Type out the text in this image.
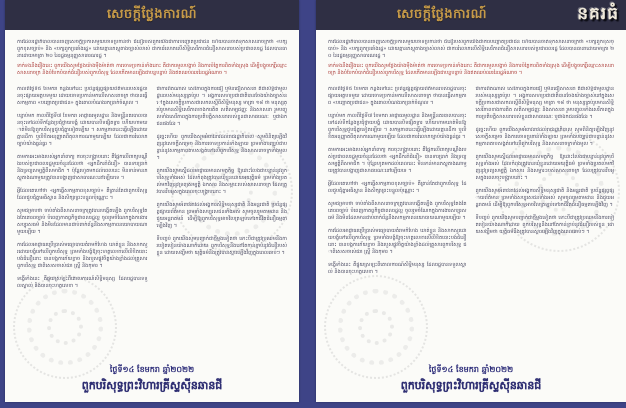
សេចក្តីថ្លែងការណ៍

ការដែលរដ្ឋាភិបាលបានចេញសេចក្តីប្រកាសមួយចោទប្រកាន់ថា ជំនឿរបស់ពួកយើងជាការបញ្ឆោតប្រជាជន ហើយបានចាត់ទុកសាសនាចក្រថា «បក្សពួកខុសច្បាប់» និង «បក្សពួកប្រឆាំងរដ្ឋ» ដោយគ្មានភស្តុតាងច្បាស់លាស់ ជាការរំលោភលើសិទ្ធិសេរីភាពជំនឿសាសនារបស់ប្រជាពលរដ្ឋ ដែលបានធានាដោយមាត្រា ២០ នៃរដ្ឋធម្មនុញ្ញសាធារណរដ្ឋ ។

ទាក់ទងនឹងរឿងនេះ ពួកយើងសូមថ្លែងយ៉ាងម៉ឺងម៉ាត់ថា ការចោទប្រកាន់ទាំងនោះ គឺជាការមួលបង្កាច់ និងការបំភ្លៃការពិតទាំងស្រុង ដើម្បីបង្ខូចកេរ្តិ៍ឈ្មោះសាសនាចក្រ និងបំបែកបំបាក់ជំនឿរបស់ពួកបរិសុទ្ធ ដែលកើតមានឡើងជាបន្តបន្ទាប់ និងឥតឈប់ឈរនៃរដ្ឋអំណាច ។

កាលពីថ្ងៃទី៥ ខែមករា កន្លងទៅនេះ ប្រព័ន្ធផ្សព្វផ្សាយព័ត៌មានរបស់រដ្ឋបានចុះផ្សាយអត្ថបទមួយ ដោយចោទប្រកាន់មកលើសាសនាចក្រ ថាបានធ្វើសកម្មភាព «បញ្ឆោតប្រជាជន» ក្នុងគោលបំណងរកប្រាក់ចំណូល ។

បន្ទាប់មក កាលពីថ្ងៃទី៧ ខែមករា អាជ្ញាធរមូលដ្ឋាន និងមន្ត្រីនគរបាលបានចុះទៅដល់ទីកន្លែងប្រជុំថ្វាយបង្គំ ដោយបានបិទផ្សិតទ្វារ ហើយហាមឃាត់មិនឱ្យពួកបរិសុទ្ធជួបជុំគ្នាទៀតឡើយ ។ សកម្មភាពនេះធ្វើឡើងដោយគ្មានដីកា ឬលិខិតអនុញ្ញាតពីតុលាការណាមួយឡើយ ដែលជាការរំលោភច្បាប់យ៉ាងធ្ងន់ធ្ងរ ។

តាមការអះអាងរបស់អ្នកនាំពាក្យ ការចុះបង្ក្រាបនោះ គឺផ្អែកលើពាក្យបណ្តឹងរបស់ប្រជាពលរដ្ឋមួយចំនួនដែលថា «អ្នកដឹកនាំជំនឿ» បានទារប្រាក់ និងទ្រព្យសម្បត្តិពីសមាជិក ។ ប៉ុន្តែរហូតមកដល់ពេលនេះ មិនទាន់មានភស្តុតាងណាមួយត្រូវបានបង្ហាញជាសាធារណៈនៅឡើយទេ ។

អ្វីដែលគេហៅថា «អ្នកធ្វើសកម្មភាពខុសច្បាប់» គឺគ្រាន់តែជាពួកបរិសុទ្ធ ដែលជួបជុំគ្នាអធិស្ឋាន និងសិក្សាព្រះបន្ទូលប៉ុណ្ណោះ ។

សូមជម្រាបថា ចាប់តាំងពីសាសនាចក្រត្រូវបានបង្កើតឡើង ពួកបរិសុទ្ធតែងតែគោរពច្បាប់ បំពេញកាតព្វកិច្ចជាពលរដ្ឋល្អ ចូលរួមចំណែកក្នុងការងារសប្បុរសធម៌ និងមិនដែលមានជាប់ពាក់ព័ន្ធនឹងសកម្មភាពនយោបាយណាមួយឡើយ ។

ការដែលអាជ្ញាធរប្រើប្រាស់មធ្យោបាយគំរាមកំហែង ឃាត់ខ្លួន និងសាកសួរដោយបង្ខំទៅលើពួកបរិសុទ្ធ ព្រមទាំងបង្ខំឱ្យចុះហត្ថលេខាលើលិខិតបោះបង់ជំនឿនោះ បានបង្កការភ័យខ្លាច និងរបួសផ្លូវចិត្តយ៉ាងខ្លាំងដល់គ្រួសារពួកបរិសុទ្ធ ជាពិសេសចាស់ជរា ស្ត្រី និងកុមារ ។

ទង្វើទាំងនេះ គឺផ្ទុយស្រឡះពីគោលការណ៍សិទ្ធិមនុស្ស ដែលរដ្ឋបានទទួលស្គាល់ និងបានចុះហត្ថលេខា ។

ជាការពិតណាស់ សេរីភាពក្នុងការជឿ ឬមិនជឿសាសនា គឺជាសិទ្ធិជាមូលដ្ឋានរបស់មនុស្សគ្រប់រូប ។ អង្គការសហប្រជាជាតិបានចែងយ៉ាងច្បាស់នៅក្នុងសេចក្តីប្រកាសជាសកលស្តីពីសិទ្ធិមនុស្ស មាត្រា ១៨ ថា មនុស្សគ្រប់រូបមានសិទ្ធិសេរីភាពខាងការគិត សតិសម្បជញ្ញៈ និងសាសនា រួមបញ្ចូលទាំងសេរីភាពក្នុងការប្រតិបត្តិសាសនារបស់ខ្លួនជាសាធារណៈ ឬជាឯកជនផងដែរ ។

ដូច្នេះហើយ ពួកយើងសូមអំពាវនាវដល់រាជរដ្ឋាភិបាល សូមពិនិត្យឡើងវិញនូវសេចក្តីសម្រេច និងការចោទប្រកាន់ទាំងឡាយ ព្រមទាំងបញ្ឈប់ជាបន្ទាន់នូវសកម្មភាពគាបសង្កត់ទៅលើពួកបរិសុទ្ធ និងសាសនាចក្រទាំងមូល ។

ពួកយើងសូមស្នើដល់អាជ្ញាធរមានសមត្ថកិច្ច ឱ្យដោះលែងជាបន្ទាន់នូវពួកបរិសុទ្ធទាំងអស់ ដែលកំពុងត្រូវបានឃុំខ្លួនដោយអយុត្តិធម៌ ព្រមទាំងប្រគល់មកវិញនូវទ្រព្យសម្បត្តិ ឯកសារ និងសម្ភារៈរបស់សាសនាចក្រ ដែលត្រូវបានរឹបអូសក្នុងពេលចុះបង្ក្រាបនោះ ។

ពួកយើងសូមអំពាវនាវដល់អង្គការសិទ្ធិមនុស្សជាតិ និងអន្តរជាតិ ប្រព័ន្ធផ្សព្វផ្សាយព័ត៌មាន ព្រមទាំងសប្បុរសជនទាំងអស់ សូមចូលរួមតាមដាន និងជួយអន្តរាគមន៍ ដើម្បីឱ្យពួកបរិសុទ្ធអាចវិលត្រឡប់ទៅរកជីវិតជំនឿធម្មតាឡើងវិញ ។

ទីបញ្ចប់ ពួកយើងសូមបញ្ជាក់ជាថ្មីម្តងទៀតថា ទោះបីជាត្រូវប្រឈមនឹងការបៀតបៀនយ៉ាងណាក៏ដោយ ពួកបរិសុទ្ធនឹងនៅតែកាន់ខ្ជាប់នូវជំនឿរបស់ខ្លួន ដោយសង្ឃឹមថា យុត្តិធម៌នឹងត្រូវបានស្តារឡើងវិញក្នុងពេលឆាប់ៗ ។

ថ្ងៃទី១៤ ខែមករា ឆ្នាំ២០២២

ពួកបរិសុទ្ធព្រះវិហារគ្រីស្ទស៊ីនឆានជី

សេចក្តីថ្លែងការណ៍	នគរធំ

ការដែលរដ្ឋាភិបាលបានចេញសេចក្តីប្រកាសមួយចោទប្រកាន់ថា ជំនឿរបស់ពួកយើងជាការបញ្ឆោតប្រជាជន ហើយបានចាត់ទុកសាសនាចក្រថា «បក្សពួកខុសច្បាប់» និង «បក្សពួកប្រឆាំងរដ្ឋ» ដោយគ្មានភស្តុតាងច្បាស់លាស់ ជាការរំលោភលើសិទ្ធិសេរីភាពជំនឿសាសនារបស់ប្រជាពលរដ្ឋ ដែលបានធានាដោយមាត្រា ២០ នៃរដ្ឋធម្មនុញ្ញសាធារណរដ្ឋ ។

ទាក់ទងនឹងរឿងនេះ ពួកយើងសូមថ្លែងយ៉ាងម៉ឺងម៉ាត់ថា ការចោទប្រកាន់ទាំងនោះ គឺជាការមួលបង្កាច់ និងការបំភ្លៃការពិតទាំងស្រុង ដើម្បីបង្ខូចកេរ្តិ៍ឈ្មោះសាសនាចក្រ និងបំបែកបំបាក់ជំនឿរបស់ពួកបរិសុទ្ធ ដែលកើតមានឡើងជាបន្តបន្ទាប់ និងឥតឈប់ឈរនៃរដ្ឋអំណាច ។

កាលពីថ្ងៃទី៥ ខែមករា កន្លងទៅនេះ ប្រព័ន្ធផ្សព្វផ្សាយព័ត៌មានរបស់រដ្ឋបានចុះផ្សាយអត្ថបទមួយ ដោយចោទប្រកាន់មកលើសាសនាចក្រ ថាបានធ្វើសកម្មភាព «បញ្ឆោតប្រជាជន» ក្នុងគោលបំណងរកប្រាក់ចំណូល ។

បន្ទាប់មក កាលពីថ្ងៃទី៧ ខែមករា អាជ្ញាធរមូលដ្ឋាន និងមន្ត្រីនគរបាលបានចុះទៅដល់ទីកន្លែងប្រជុំថ្វាយបង្គំ ដោយបានបិទផ្សិតទ្វារ ហើយហាមឃាត់មិនឱ្យពួកបរិសុទ្ធជួបជុំគ្នាទៀតឡើយ ។ សកម្មភាពនេះធ្វើឡើងដោយគ្មានដីកា ឬលិខិតអនុញ្ញាតពីតុលាការណាមួយឡើយ ដែលជាការរំលោភច្បាប់យ៉ាងធ្ងន់ធ្ងរ ។

តាមការអះអាងរបស់អ្នកនាំពាក្យ ការចុះបង្ក្រាបនោះ គឺផ្អែកលើពាក្យបណ្តឹងរបស់ប្រជាពលរដ្ឋមួយចំនួនដែលថា «អ្នកដឹកនាំជំនឿ» បានទារប្រាក់ និងទ្រព្យសម្បត្តិពីសមាជិក ។ ប៉ុន្តែរហូតមកដល់ពេលនេះ មិនទាន់មានភស្តុតាងណាមួយត្រូវបានបង្ហាញជាសាធារណៈនៅឡើយទេ ។

អ្វីដែលគេហៅថា «អ្នកធ្វើសកម្មភាពខុសច្បាប់» គឺគ្រាន់តែជាពួកបរិសុទ្ធ ដែលជួបជុំគ្នាអធិស្ឋាន និងសិក្សាព្រះបន្ទូលប៉ុណ្ណោះ ។

សូមជម្រាបថា ចាប់តាំងពីសាសនាចក្រត្រូវបានបង្កើតឡើង ពួកបរិសុទ្ធតែងតែគោរពច្បាប់ បំពេញកាតព្វកិច្ចជាពលរដ្ឋល្អ ចូលរួមចំណែកក្នុងការងារសប្បុរសធម៌ និងមិនដែលមានជាប់ពាក់ព័ន្ធនឹងសកម្មភាពនយោបាយណាមួយឡើយ ។

ការដែលអាជ្ញាធរប្រើប្រាស់មធ្យោបាយគំរាមកំហែង ឃាត់ខ្លួន និងសាកសួរដោយបង្ខំទៅលើពួកបរិសុទ្ធ ព្រមទាំងបង្ខំឱ្យចុះហត្ថលេខាលើលិខិតបោះបង់ជំនឿនោះ បានបង្កការភ័យខ្លាច និងរបួសផ្លូវចិត្តយ៉ាងខ្លាំងដល់គ្រួសារពួកបរិសុទ្ធ ជាពិសេសចាស់ជរា ស្ត្រី និងកុមារ ។

ទង្វើទាំងនេះ គឺផ្ទុយស្រឡះពីគោលការណ៍សិទ្ធិមនុស្ស ដែលរដ្ឋបានទទួលស្គាល់ និងបានចុះហត្ថលេខា ។

ជាការពិតណាស់ សេរីភាពក្នុងការជឿ ឬមិនជឿសាសនា គឺជាសិទ្ធិជាមូលដ្ឋានរបស់មនុស្សគ្រប់រូប ។ អង្គការសហប្រជាជាតិបានចែងយ៉ាងច្បាស់នៅក្នុងសេចក្តីប្រកាសជាសកលស្តីពីសិទ្ធិមនុស្ស មាត្រា ១៨ ថា មនុស្សគ្រប់រូបមានសិទ្ធិសេរីភាពខាងការគិត សតិសម្បជញ្ញៈ និងសាសនា រួមបញ្ចូលទាំងសេរីភាពក្នុងការប្រតិបត្តិសាសនារបស់ខ្លួនជាសាធារណៈ ឬជាឯកជនផងដែរ ។

ដូច្នេះហើយ ពួកយើងសូមអំពាវនាវដល់រាជរដ្ឋាភិបាល សូមពិនិត្យឡើងវិញនូវសេចក្តីសម្រេច និងការចោទប្រកាន់ទាំងឡាយ ព្រមទាំងបញ្ឈប់ជាបន្ទាន់នូវសកម្មភាពគាបសង្កត់ទៅលើពួកបរិសុទ្ធ និងសាសនាចក្រទាំងមូល ។

ពួកយើងសូមស្នើដល់អាជ្ញាធរមានសមត្ថកិច្ច ឱ្យដោះលែងជាបន្ទាន់នូវពួកបរិសុទ្ធទាំងអស់ ដែលកំពុងត្រូវបានឃុំខ្លួនដោយអយុត្តិធម៌ ព្រមទាំងប្រគល់មកវិញនូវទ្រព្យសម្បត្តិ ឯកសារ និងសម្ភារៈរបស់សាសនាចក្រ ដែលត្រូវបានរឹបអូសក្នុងពេលចុះបង្ក្រាបនោះ ។

ពួកយើងសូមអំពាវនាវដល់អង្គការសិទ្ធិមនុស្សជាតិ និងអន្តរជាតិ ប្រព័ន្ធផ្សព្វផ្សាយព័ត៌មាន ព្រមទាំងសប្បុរសជនទាំងអស់ សូមចូលរួមតាមដាន និងជួយអន្តរាគមន៍ ដើម្បីឱ្យពួកបរិសុទ្ធអាចវិលត្រឡប់ទៅរកជីវិតជំនឿធម្មតាឡើងវិញ ។

ទីបញ្ចប់ ពួកយើងសូមបញ្ជាក់ជាថ្មីម្តងទៀតថា ទោះបីជាត្រូវប្រឈមនឹងការបៀតបៀនយ៉ាងណាក៏ដោយ ពួកបរិសុទ្ធនឹងនៅតែកាន់ខ្ជាប់នូវជំនឿរបស់ខ្លួន ដោយសង្ឃឹមថា យុត្តិធម៌នឹងត្រូវបានស្តារឡើងវិញក្នុងពេលឆាប់ៗ ។

ថ្ងៃទី១៤ ខែមករា ឆ្នាំ២០២២

ពួកបរិសុទ្ធព្រះវិហារគ្រីស្ទស៊ីនឆានជី
